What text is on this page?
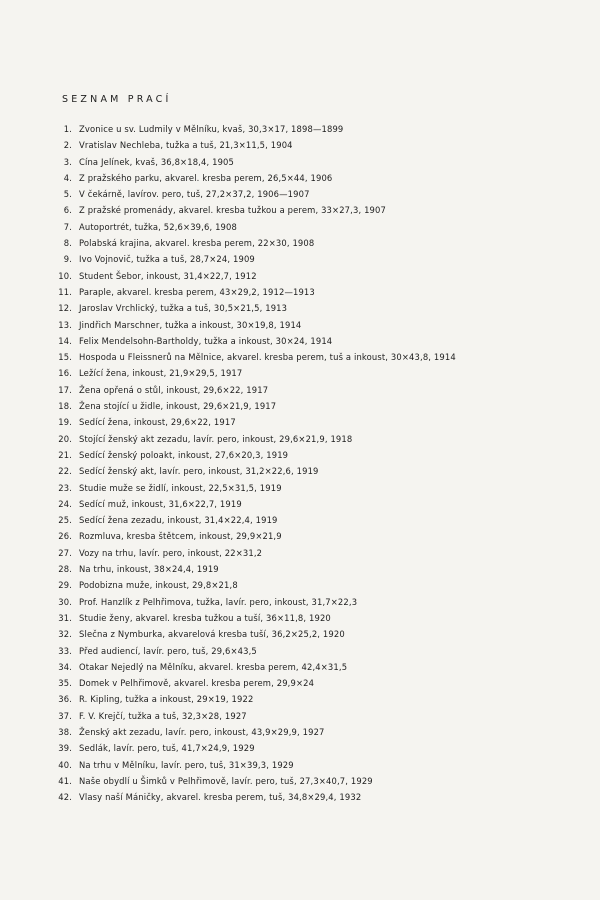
SEZNAM PRACÍ
1. Zvonice u sv. Ludmily v Mělníku, kvaš, 30,3×17, 1898—1899
2. Vratislav Nechleba, tužka a tuš, 21,3×11,5, 1904
3. Cína Jelínek, kvaš, 36,8×18,4, 1905
4. Z pražského parku, akvarel. kresba perem, 26,5×44, 1906
5. V čekárně, lavírov. pero, tuš, 27,2×37,2, 1906—1907
6. Z pražské promenády, akvarel. kresba tužkou a perem, 33×27,3, 1907
7. Autoportrét, tužka, 52,6×39,6, 1908
8. Polabská krajina, akvarel. kresba perem, 22×30, 1908
9. Ivo Vojnovič, tužka a tuš, 28,7×24, 1909
10. Student Šebor, inkoust, 31,4×22,7, 1912
11. Paraple, akvarel. kresba perem, 43×29,2, 1912—1913
12. Jaroslav Vrchlický, tužka a tuš, 30,5×21,5, 1913
13. Jindřich Marschner, tužka a inkoust, 30×19,8, 1914
14. Felix Mendelsohn-Bartholdy, tužka a inkoust, 30×24, 1914
15. Hospoda u Fleissnerů na Mělnice, akvarel. kresba perem, tuš a inkoust, 30×43,8, 1914
16. Ležící žena, inkoust, 21,9×29,5, 1917
17. Žena opřená o stůl, inkoust, 29,6×22, 1917
18. Žena stojící u židle, inkoust, 29,6×21,9, 1917
19. Sedící žena, inkoust, 29,6×22, 1917
20. Stojící ženský akt zezadu, lavír. pero, inkoust, 29,6×21,9, 1918
21. Sedící ženský poloakt, inkoust, 27,6×20,3, 1919
22. Sedící ženský akt, lavír. pero, inkoust, 31,2×22,6, 1919
23. Studie muže se židlí, inkoust, 22,5×31,5, 1919
24. Sedící muž, inkoust, 31,6×22,7, 1919
25. Sedící žena zezadu, inkoust, 31,4×22,4, 1919
26. Rozmluva, kresba štětcem, inkoust, 29,9×21,9
27. Vozy na trhu, lavír. pero, inkoust, 22×31,2
28. Na trhu, inkoust, 38×24,4, 1919
29. Podobizna muže, inkoust, 29,8×21,8
30. Prof. Hanzlík z Pelhřimova, tužka, lavír. pero, inkoust, 31,7×22,3
31. Studie ženy, akvarel. kresba tužkou a tuší, 36×11,8, 1920
32. Slečna z Nymburka, akvarelová kresba tuší, 36,2×25,2, 1920
33. Před audiencí, lavír. pero, tuš, 29,6×43,5
34. Otakar Nejedlý na Mělníku, akvarel. kresba perem, 42,4×31,5
35. Domek v Pelhřimově, akvarel. kresba perem, 29,9×24
36. R. Kipling, tužka a inkoust, 29×19, 1922
37. F. V. Krejčí, tužka a tuš, 32,3×28, 1927
38. Ženský akt zezadu, lavír. pero, inkoust, 43,9×29,9, 1927
39. Sedlák, lavír. pero, tuš, 41,7×24,9, 1929
40. Na trhu v Mělníku, lavír. pero, tuš, 31×39,3, 1929
41. Naše obydlí u Šimků v Pelhřimově, lavír. pero, tuš, 27,3×40,7, 1929
42. Vlasy naší Máničky, akvarel. kresba perem, tuš, 34,8×29,4, 1932
